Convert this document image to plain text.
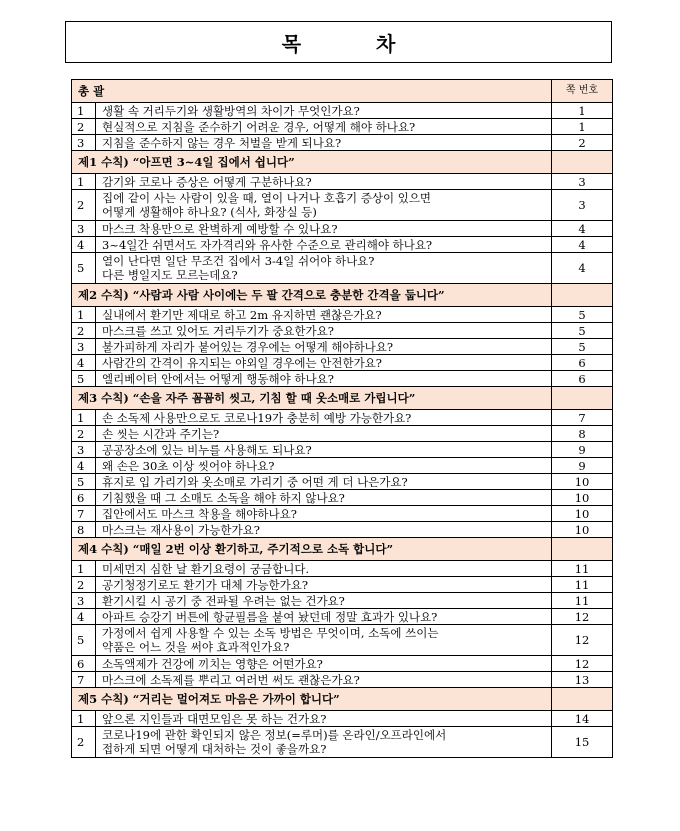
목 차
총 괄		쪽 번호
1	생활 속 거리두기와 생활방역의 차이가 무엇인가요?	1
2	현실적으로 지침을 준수하기 어려운 경우, 어떻게 해야 하나요?	1
3	지침을 준수하지 않는 경우 처벌을 받게 되나요?	2
제1 수칙) “아프면 3~4일 집에서 쉽니다”		
1	감기와 코로나 증상은 어떻게 구분하나요?	3
2	집에 같이 사는 사람이 있을 때, 열이 나거나 호흡기 증상이 있으면
어떻게 생활해야 하나요? (식사, 화장실 등)	3
3	마스크 착용만으로 완벽하게 예방할 수 있나요?	4
4	3~4일간 쉬면서도 자가격리와 유사한 수준으로 관리해야 하나요?	4
5	열이 난다면 일단 무조건 집에서 3-4일 쉬어야 하나요?
다른 병일지도 모르는데요?	4
제2 수칙) “사람과 사람 사이에는 두 팔 간격으로 충분한 간격을 둡니다”		
1	실내에서 환기만 제대로 하고 2m 유지하면 괜찮은가요?	5
2	마스크를 쓰고 있어도 거리두기가 중요한가요?	5
3	불가피하게 자리가 붙어있는 경우에는 어떻게 해야하나요?	5
4	사람간의 간격이 유지되는 야외일 경우에는 안전한가요?	6
5	엘리베이터 안에서는 어떻게 행동해야 하나요?	6
제3 수칙) “손을 자주 꼼꼼히 씻고, 기침 할 때 옷소매로 가립니다”		
1	손 소독제 사용만으로도 코로나19가 충분히 예방 가능한가요?	7
2	손 씻는 시간과 주기는?	8
3	공공장소에 있는 비누를 사용해도 되나요?	9
4	왜 손은 30초 이상 씻어야 하나요?	9
5	휴지로 입 가리기와 옷소매로 가리기 중 어떤 게 더 나은가요?	10
6	기침했을 때 그 소매도 소독을 해야 하지 않나요?	10
7	집안에서도 마스크 착용을 해야하나요?	10
8	마스크는 재사용이 가능한가요?	10
제4 수칙) “매일 2번 이상 환기하고, 주기적으로 소독 합니다”		
1	미세먼지 심한 날 환기요령이 궁금합니다.	11
2	공기청정기로도 환기가 대체 가능한가요?	11
3	환기시킬 시 공기 중 전파될 우려는 없는 건가요?	11
4	아파트 승강기 버튼에 항균필름을 붙여 놨던데 정말 효과가 있나요?	12
5	가정에서 쉽게 사용할 수 있는 소독 방법은 무엇이며, 소독에 쓰이는
약품은 어느 것을 써야 효과적인가요?	12
6	소독액제가 건강에 끼치는 영향은 어떤가요?	12
7	마스크에 소독제를 뿌리고 여러번 써도 괜찮은가요?	13
제5 수칙) “거리는 멀어져도 마음은 가까이 합니다”		
1	앞으론 지인들과 대면모임은 못 하는 건가요?	14
2	코로나19에 관한 확인되지 않은 정보(=루머)를 온라인/오프라인에서
접하게 되면 어떻게 대처하는 것이 좋을까요?	15
